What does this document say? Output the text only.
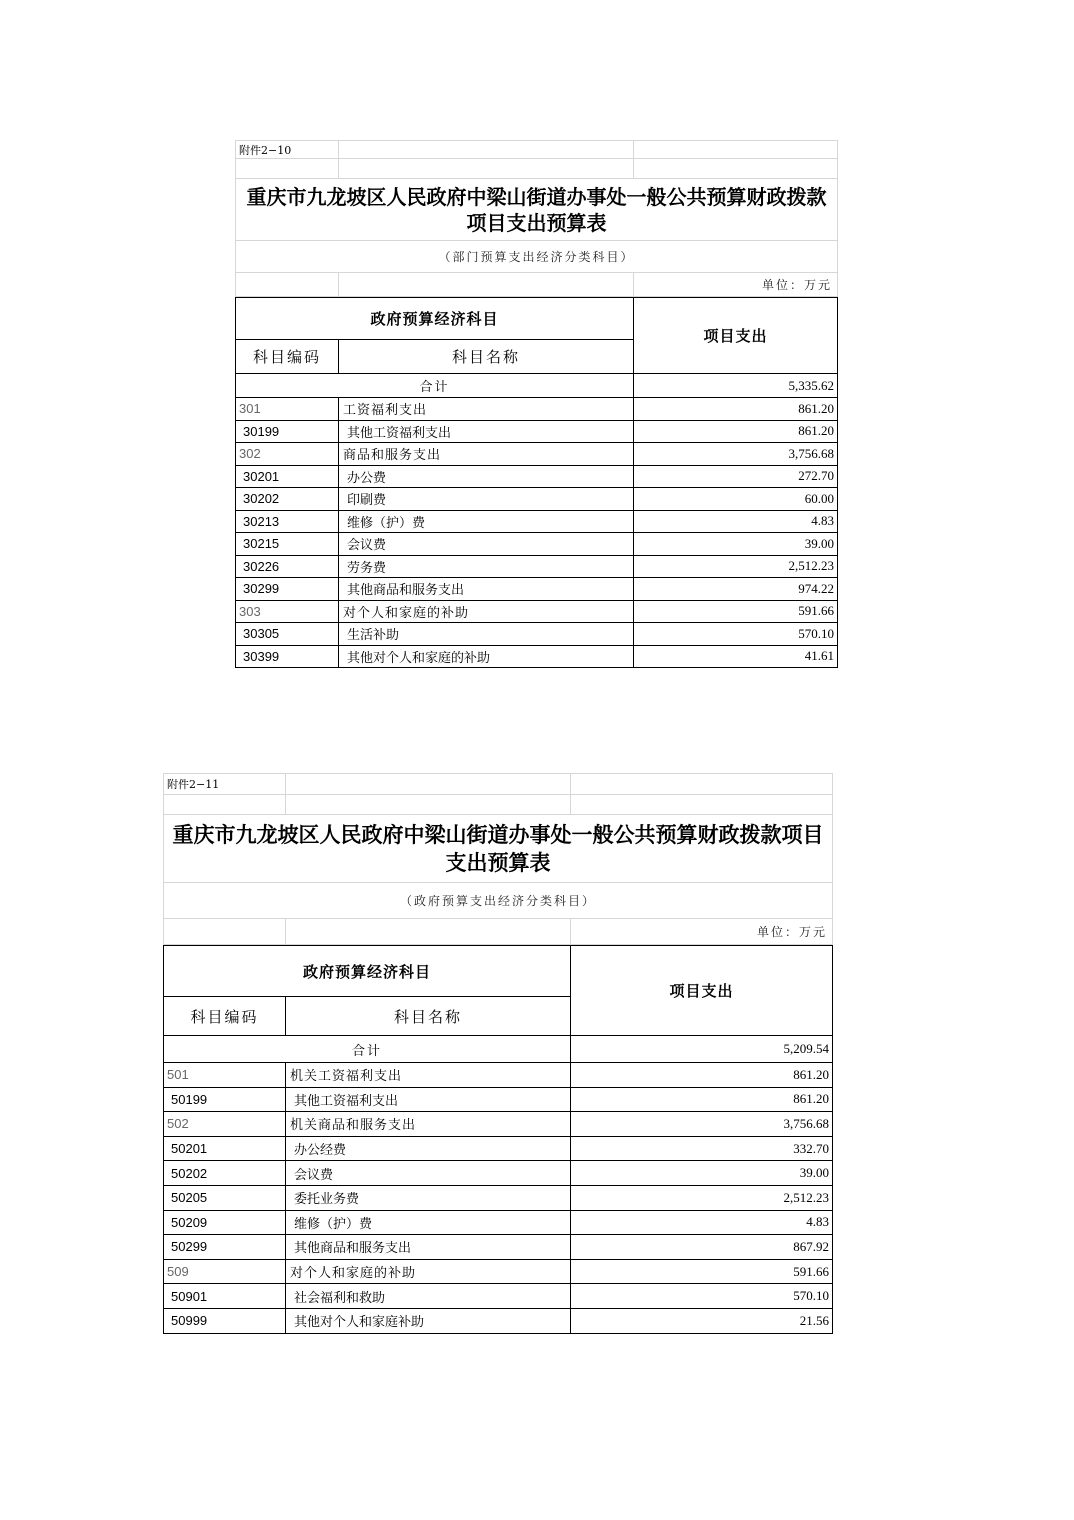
附件2−10
重庆市九龙坡区人民政府中梁山街道办事处一般公共预算财政拨款项目支出预算表
（部门预算支出经济分类科目）
单位：万元
政府预算经济科目
科目编码	科目名称
项目支出
合计	5,335.62
301	工资福利支出	861.20
30199	其他工资福利支出	861.20
302	商品和服务支出	3,756.68
30201	办公费	272.70
30202	印刷费	60.00
30213	维修（护）费	4.83
30215	会议费	39.00
30226	劳务费	2,512.23
30299	其他商品和服务支出	974.22
303	对个人和家庭的补助	591.66
30305	生活补助	570.10
30399	其他对个人和家庭的补助	41.61
附件2−11
重庆市九龙坡区人民政府中梁山街道办事处一般公共预算财政拨款项目支出预算表
（政府预算支出经济分类科目）
单位：万元
政府预算经济科目
科目编码	科目名称
项目支出
合计	5,209.54
501	机关工资福利支出	861.20
50199	其他工资福利支出	861.20
502	机关商品和服务支出	3,756.68
50201	办公经费	332.70
50202	会议费	39.00
50205	委托业务费	2,512.23
50209	维修（护）费	4.83
50299	其他商品和服务支出	867.92
509	对个人和家庭的补助	591.66
50901	社会福利和救助	570.10
50999	其他对个人和家庭补助	21.56
